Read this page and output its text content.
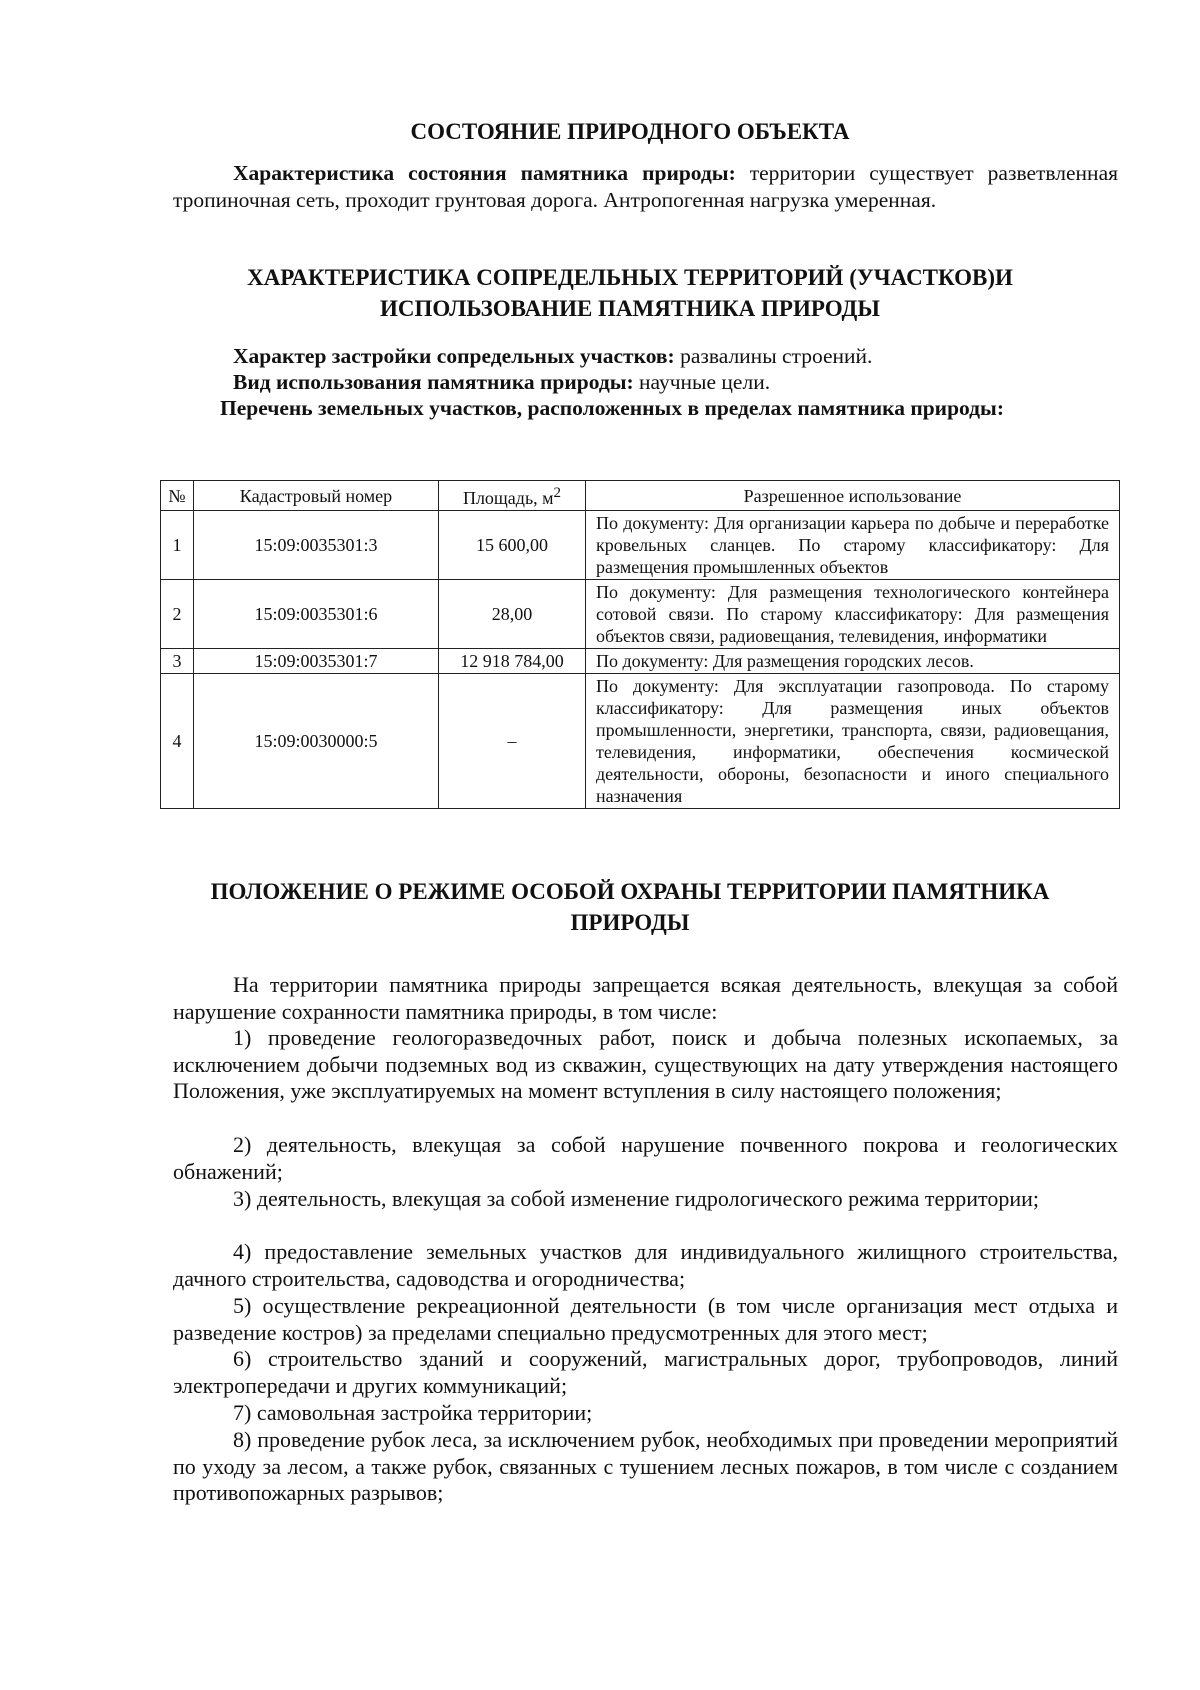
СОСТОЯНИЕ ПРИРОДНОГО ОБЪЕКТА

Характеристика состояния памятника природы: территории существует разветвленная тропиночная сеть, проходит грунтовая дорога. Антропогенная нагрузка умеренная.

ХАРАКТЕРИСТИКА СОПРЕДЕЛЬНЫХ ТЕРРИТОРИЙ (УЧАСТКОВ)И
ИСПОЛЬЗОВАНИЕ ПАМЯТНИКА ПРИРОДЫ

Характер застройки сопредельных участков: развалины строений.

Вид использования памятника природы: научные цели.

Перечень земельных участков, расположенных в пределах памятника природы:

№	Кадастровый номер	Площадь, $м^2$	Разрешенное использование
1	15:09:0035301:3	15 600,00	По документу: Для организации карьера по добыче и переработке кровельных сланцев. По старому классификатору: Для размещения промышленных объектов
2	15:09:0035301:6	28,00	По документу: Для размещения технологического контейнера сотовой связи. По старому классификатору: Для размещения объектов связи, радиовещания, телевидения, информатики
3	15:09:0035301:7	12 918 784,00	По документу: Для размещения городских лесов.
4	15:09:0030000:5	–	По документу: Для эксплуатации газопровода. По старому классификатору: Для размещения иных объектов промышленности, энергетики, транспорта, связи, радиовещания, телевидения, информатики, обеспечения космической деятельности, обороны, безопасности и иного специального назначения
ПОЛОЖЕНИЕ О РЕЖИМЕ ОСОБОЙ ОХРАНЫ ТЕРРИТОРИИ ПАМЯТНИКА
ПРИРОДЫ

На территории памятника природы запрещается всякая деятельность, влекущая за собой нарушение сохранности памятника природы, в том числе:

1) проведение геологоразведочных работ, поиск и добыча полезных ископаемых, за исключением добычи подземных вод из скважин, существующих на дату утверждения настоящего Положения, уже эксплуатируемых на момент вступления в силу настоящего положения;

2) деятельность, влекущая за собой нарушение почвенного покрова и геологических обнажений;

3) деятельность, влекущая за собой изменение гидрологического режима территории;

4) предоставление земельных участков для индивидуального жилищного строительства, дачного строительства, садоводства и огородничества;

5) осуществление рекреационной деятельности (в том числе организация мест отдыха и разведение костров) за пределами специально предусмотренных для этого мест;

6) строительство зданий и сооружений, магистральных дорог, трубопроводов, линий электропередачи и других коммуникаций;

7) самовольная застройка территории;

8) проведение рубок леса, за исключением рубок, необходимых при проведении мероприятий по уходу за лесом, а также рубок, связанных с тушением лесных пожаров, в том числе с созданием противопожарных разрывов;
